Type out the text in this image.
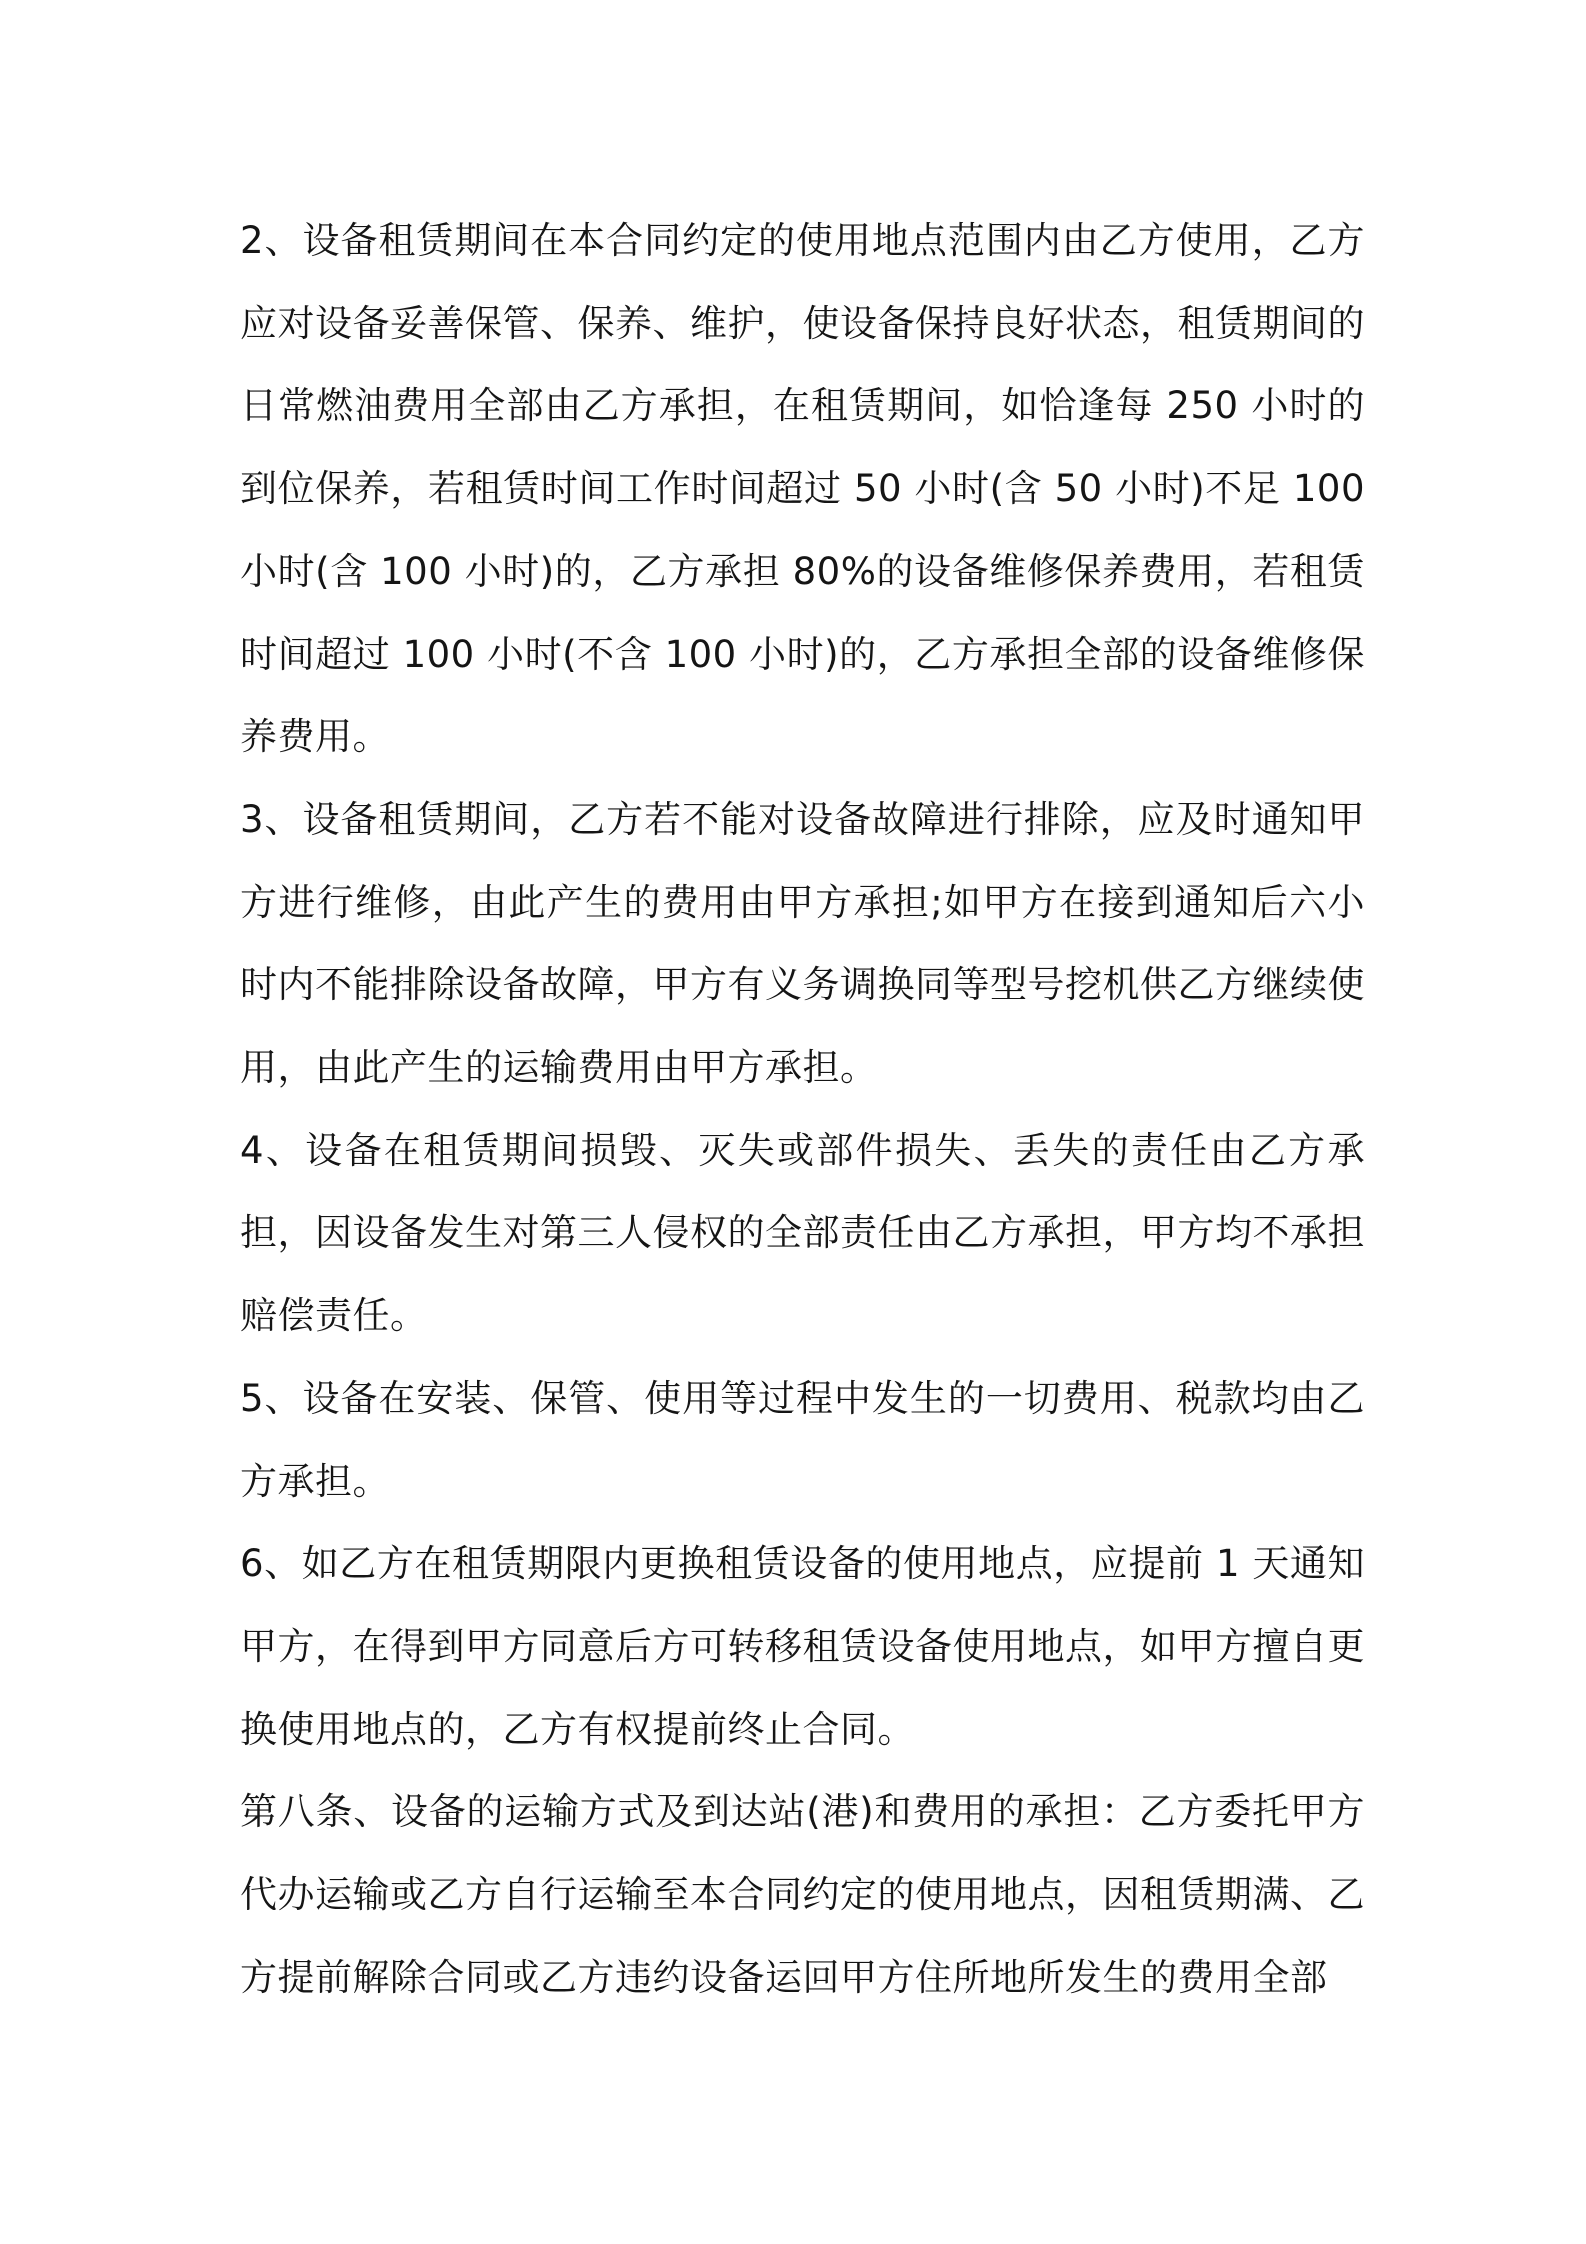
2、设备租赁期间在本合同约定的使用地点范围内由乙方使用，乙方应对设备妥善保管、保养、维护，使设备保持良好状态，租赁期间的日常燃油费用全部由乙方承担，在租赁期间，如恰逢每 250 小时的到位保养，若租赁时间工作时间超过 50 小时(含 50 小时)不足 100 小时(含 100 小时)的，乙方承担 80%的设备维修保养费用，若租赁时间超过 100 小时(不含 100 小时)的，乙方承担全部的设备维修保养费用。

3、设备租赁期间，乙方若不能对设备故障进行排除，应及时通知甲方进行维修，由此产生的费用由甲方承担;如甲方在接到通知后六小时内不能排除设备故障，甲方有义务调换同等型号挖机供乙方继续使用，由此产生的运输费用由甲方承担。

4、设备在租赁期间损毁、灭失或部件损失、丢失的责任由乙方承担，因设备发生对第三人侵权的全部责任由乙方承担，甲方均不承担赔偿责任。

5、设备在安装、保管、使用等过程中发生的一切费用、税款均由乙方承担。

6、如乙方在租赁期限内更换租赁设备的使用地点，应提前 1 天通知甲方，在得到甲方同意后方可转移租赁设备使用地点，如甲方擅自更换使用地点的，乙方有权提前终止合同。

第八条、设备的运输方式及到达站(港)和费用的承担：乙方委托甲方代办运输或乙方自行运输至本合同约定的使用地点，因租赁期满、乙方提前解除合同或乙方违约设备运回甲方住所地所发生的费用全部
